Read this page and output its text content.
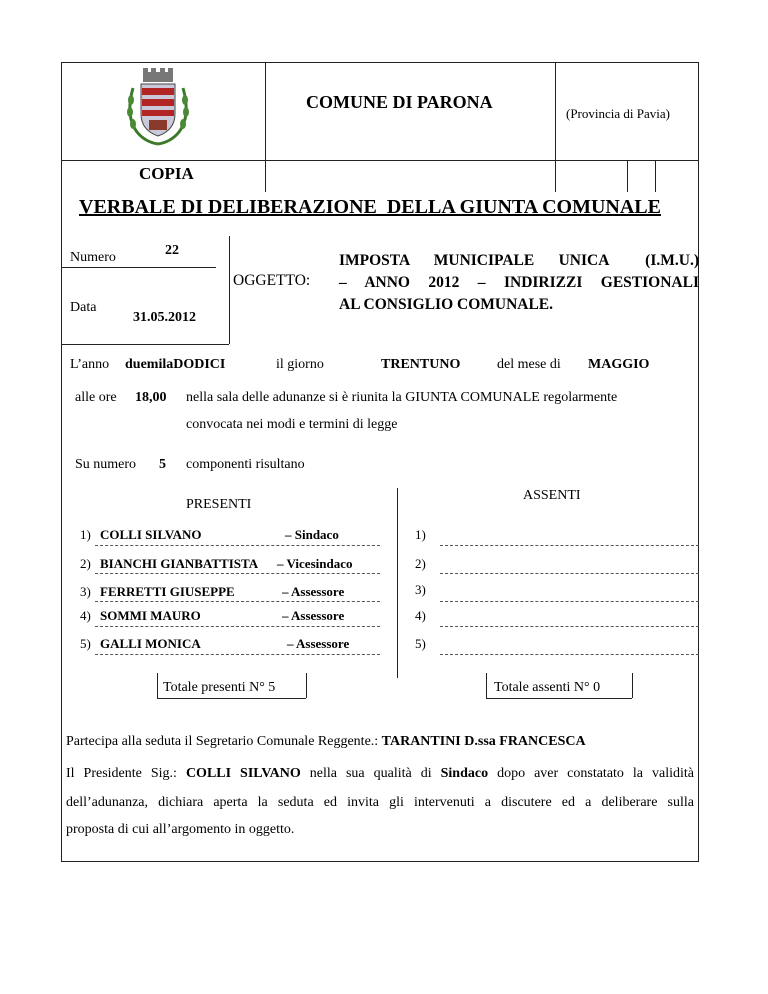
COMUNE DI PARONA
(Provincia di Pavia)
COPIA
VERBALE DI DELIBERAZIONE  DELLA GIUNTA COMUNALE
Numero	22
Data
31.05.2012
OGGETTO:
IMPOSTA  MUNICIPALE  UNICA   (I.M.U.)
– ANNO 2012 – INDIRIZZI GESTIONALI
AL CONSIGLIO COMUNALE.
L’anno duemilaDODICI	il giorno	TRENTUNO	del mese di MAGGIO
alle ore 18,00 nella sala delle adunanze si è riunita la GIUNTA COMUNALE regolarmente
convocata nei modi e termini di legge
Su numero 5 componenti risultano
PRESENTI
ASSENTI
1) COLLI SILVANO	– Sindaco
2) BIANCHI GIANBATTISTA – Vicesindaco
3) FERRETTI GIUSEPPE	– Assessore
4) SOMMI MAURO	– Assessore
5) GALLI MONICA	– Assessore
1)
2)
3)
4)
5)
Totale presenti N° 5	Totale assenti N° 0
Partecipa alla seduta il Segretario Comunale Reggente.: TARANTINI D.ssa FRANCESCA
Il Presidente Sig.: COLLI SILVANO nella sua qualità di Sindaco dopo aver constatato la validità
dell’adunanza, dichiara aperta la seduta ed invita gli intervenuti a discutere ed a deliberare sulla
proposta di cui all’argomento in oggetto.
